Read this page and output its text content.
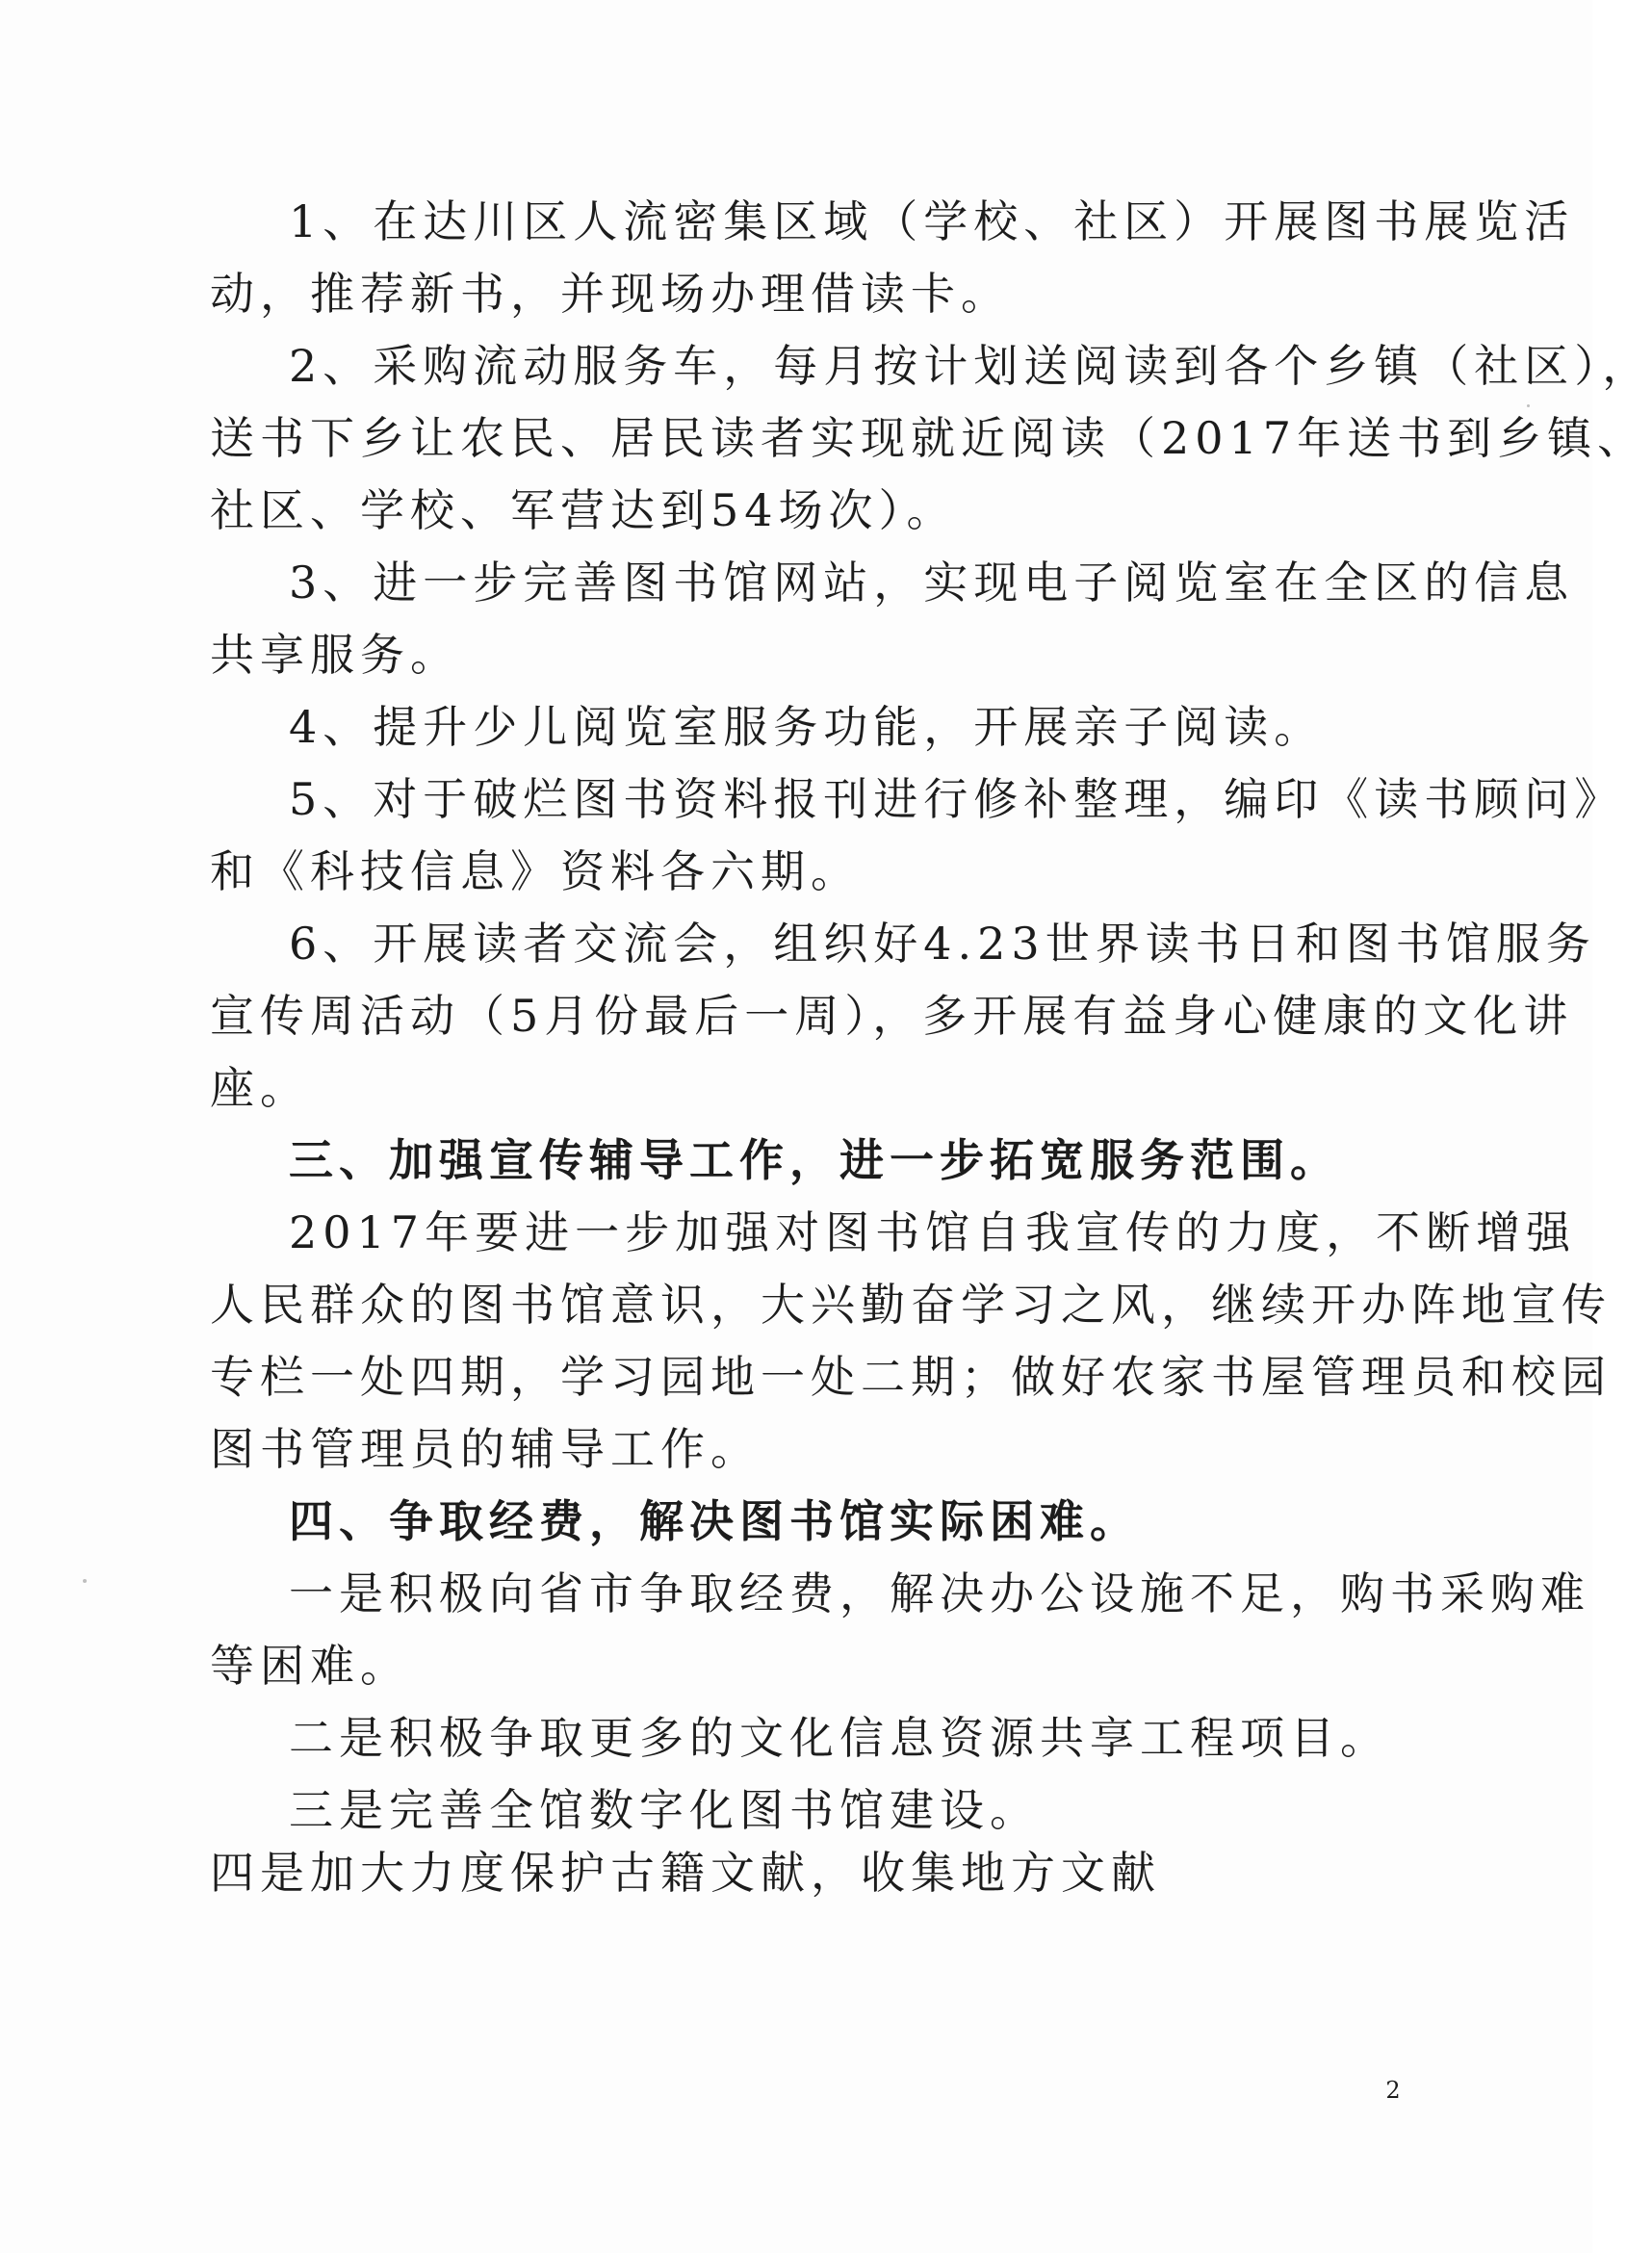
1、在达川区人流密集区域（学校、社区）开展图书展览活
动，推荐新书，并现场办理借读卡。
2、采购流动服务车，每月按计划送阅读到各个乡镇（社区），
送书下乡让农民、居民读者实现就近阅读（2017年送书到乡镇、
社区、学校、军营达到54场次）。
3、进一步完善图书馆网站，实现电子阅览室在全区的信息
共享服务。
4、提升少儿阅览室服务功能，开展亲子阅读。
5、对于破烂图书资料报刊进行修补整理，编印《读书顾问》
和《科技信息》资料各六期。
6、开展读者交流会，组织好4.23世界读书日和图书馆服务
宣传周活动（5月份最后一周），多开展有益身心健康的文化讲
座。
三、加强宣传辅导工作，进一步拓宽服务范围。
2017年要进一步加强对图书馆自我宣传的力度，不断增强
人民群众的图书馆意识，大兴勤奋学习之风，继续开办阵地宣传
专栏一处四期，学习园地一处二期；做好农家书屋管理员和校园
图书管理员的辅导工作。
四、争取经费，解决图书馆实际困难。
一是积极向省市争取经费，解决办公设施不足，购书采购难
等困难。
二是积极争取更多的文化信息资源共享工程项目。
三是完善全馆数字化图书馆建设。
四是加大力度保护古籍文献，收集地方文献
2
